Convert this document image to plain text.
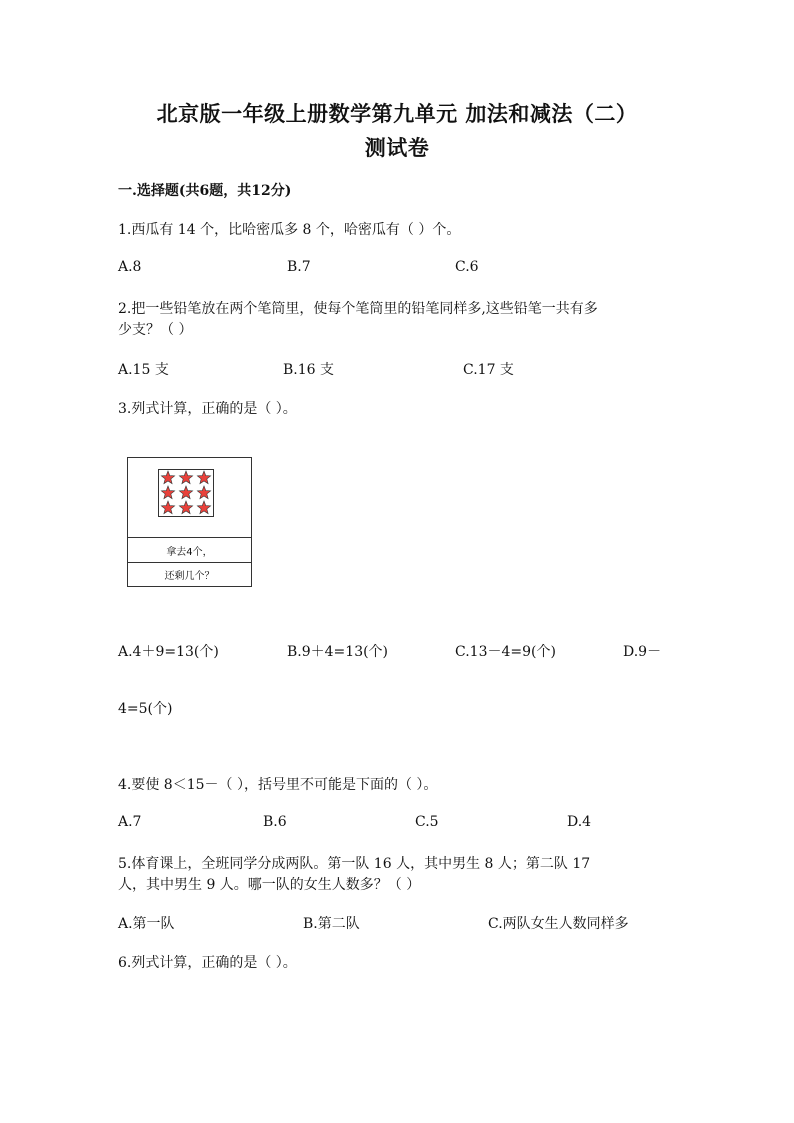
北京版一年级上册数学第九单元 加法和减法（二）
测试卷
一.选择题(共6题，共12分)
1.西瓜有 14 个，比哈密瓜多 8 个，哈密瓜有（ ）个。
A.8	B.7	C.6
2.把一些铅笔放在两个笔筒里，使每个笔筒里的铅笔同样多,这些铅笔一共有多
少支？（ ）
A.15 支	B.16 支	C.17 支
3.列式计算，正确的是（ ）。
拿去4个，
还剩几个？
A.4＋9=13(个)	B.9＋4=13(个)	C.13－4=9(个)	D.9－
4=5(个)
4.要使 8＜15－（ ），括号里不可能是下面的（ ）。
A.7	B.6	C.5	D.4
5.体育课上，全班同学分成两队。第一队 16 人，其中男生 8 人；第二队 17
人，其中男生 9 人。哪一队的女生人数多？（ ）
A.第一队	B.第二队	C.两队女生人数同样多
6.列式计算，正确的是（ ）。
